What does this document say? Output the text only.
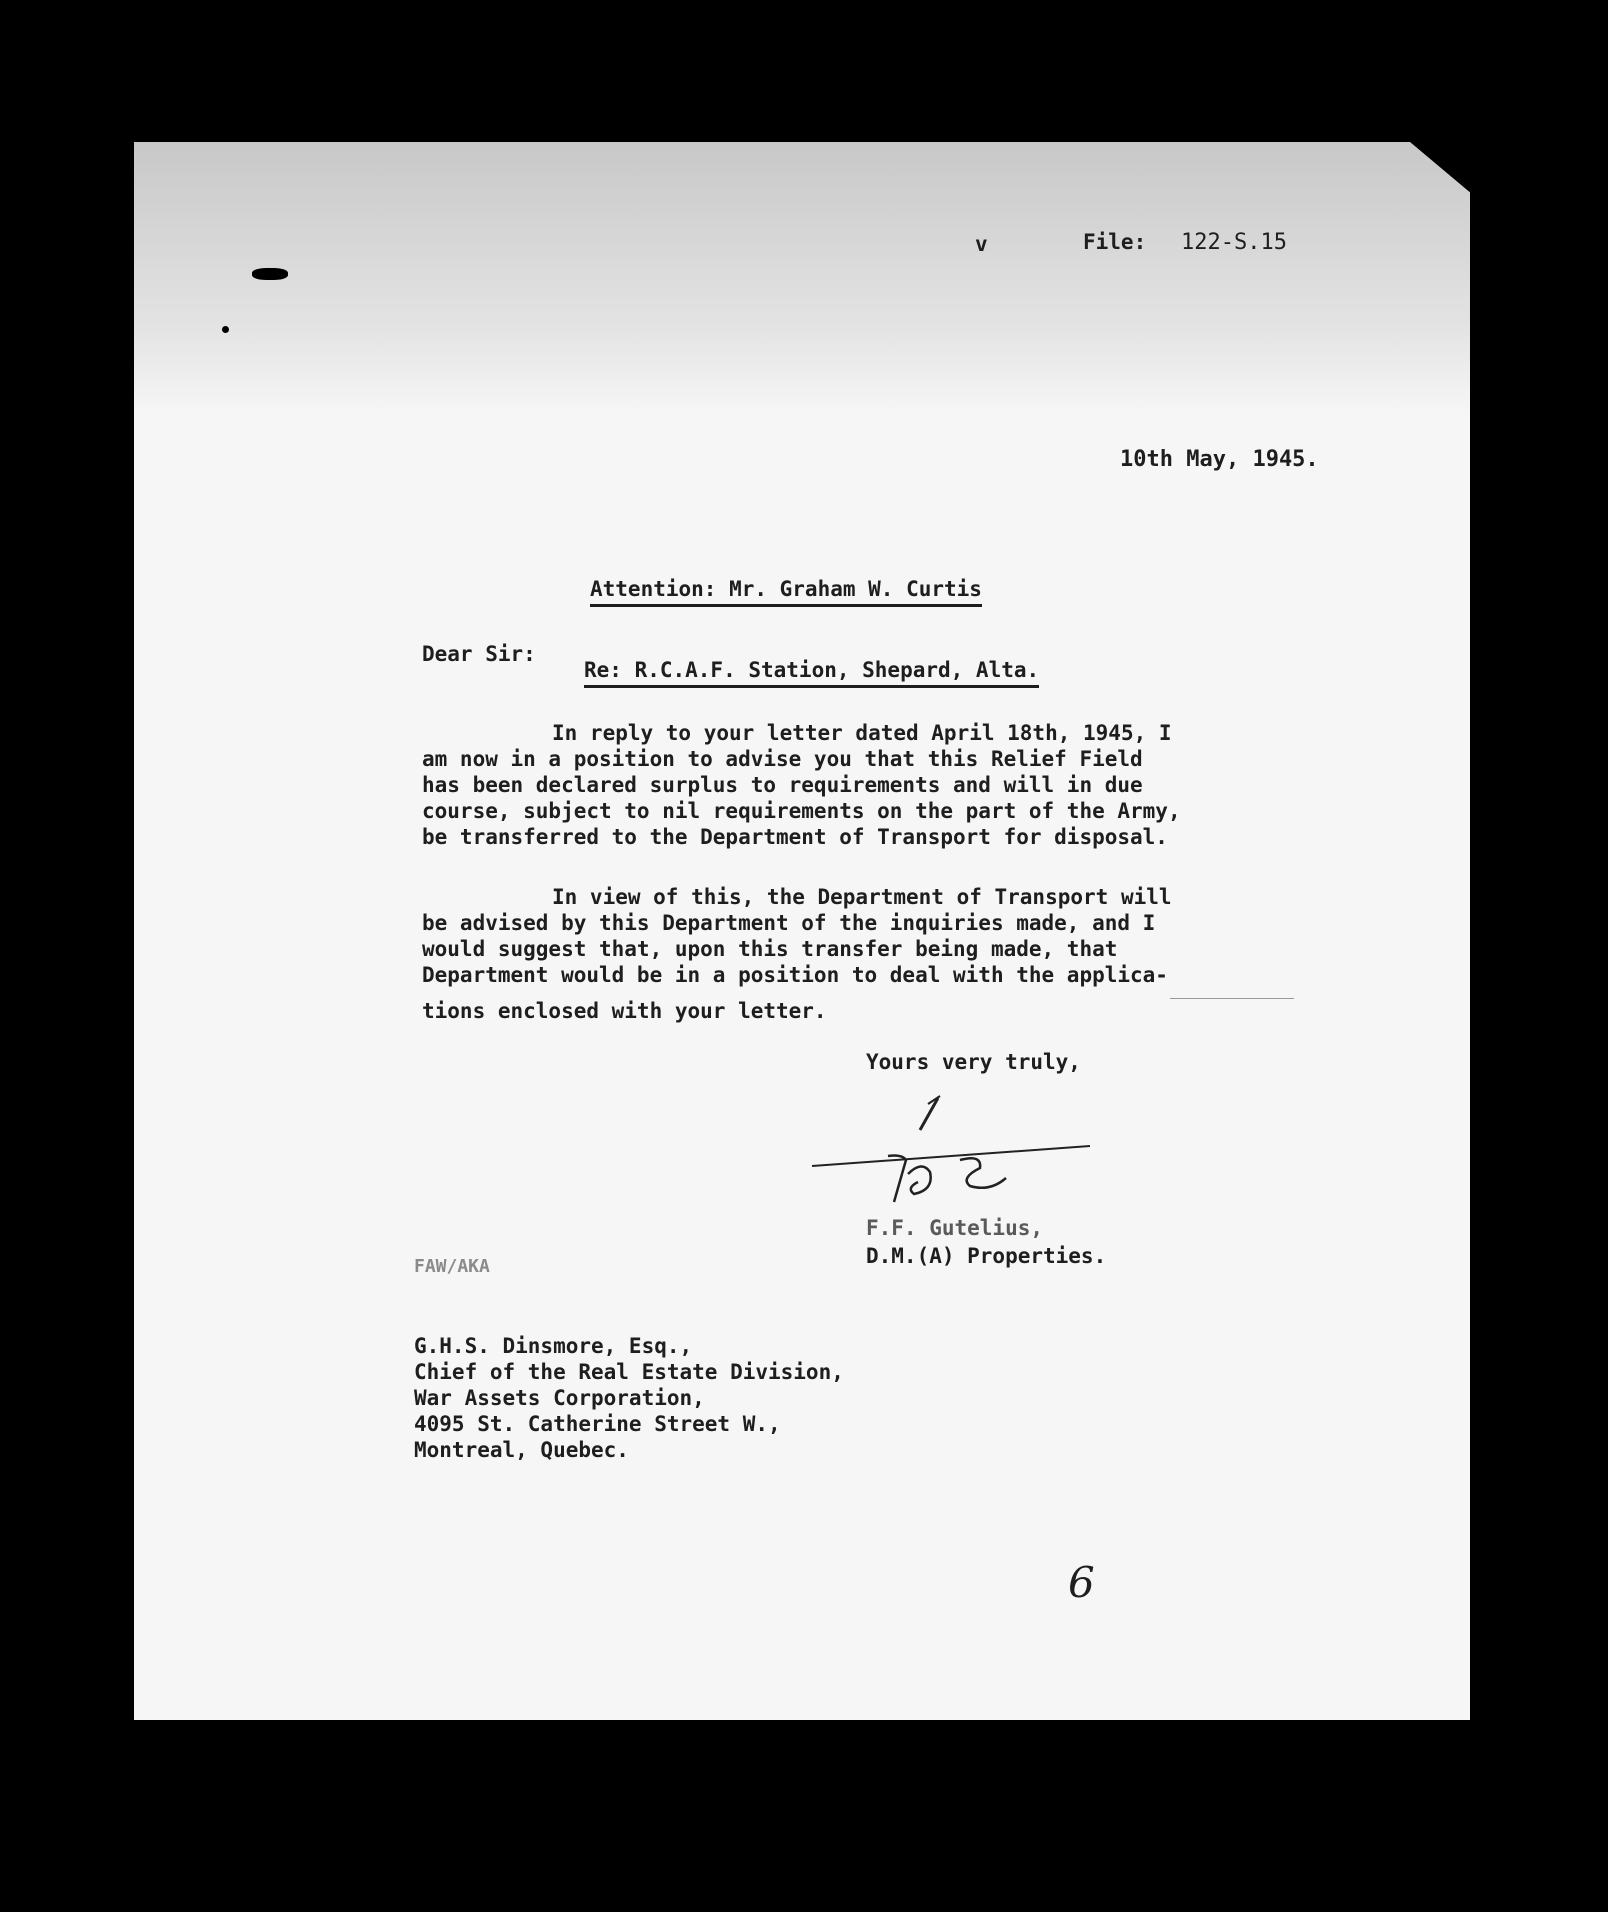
v	File: 122-S.15
10th May, 1945.
Attention: Mr. Graham W. Curtis
Dear Sir:
Re: R.C.A.F. Station, Shepard, Alta.
In reply to your letter dated April 18th, 1945, I
am now in a position to advise you that this Relief Field
has been declared surplus to requirements and will in due
course, subject to nil requirements on the part of the Army,
be transferred to the Department of Transport for disposal.
In view of this, the Department of Transport will
be advised by this Department of the inquiries made, and I
would suggest that, upon this transfer being made, that
Department would be in a position to deal with the applica-
tions enclosed with your letter.
Yours very truly,
F.F. Gutelius,
D.M.(A) Properties.
FAW/AKA
G.H.S. Dinsmore, Esq.,
Chief of the Real Estate Division,
War Assets Corporation,
4095 St. Catherine Street W.,
Montreal, Quebec.
6
